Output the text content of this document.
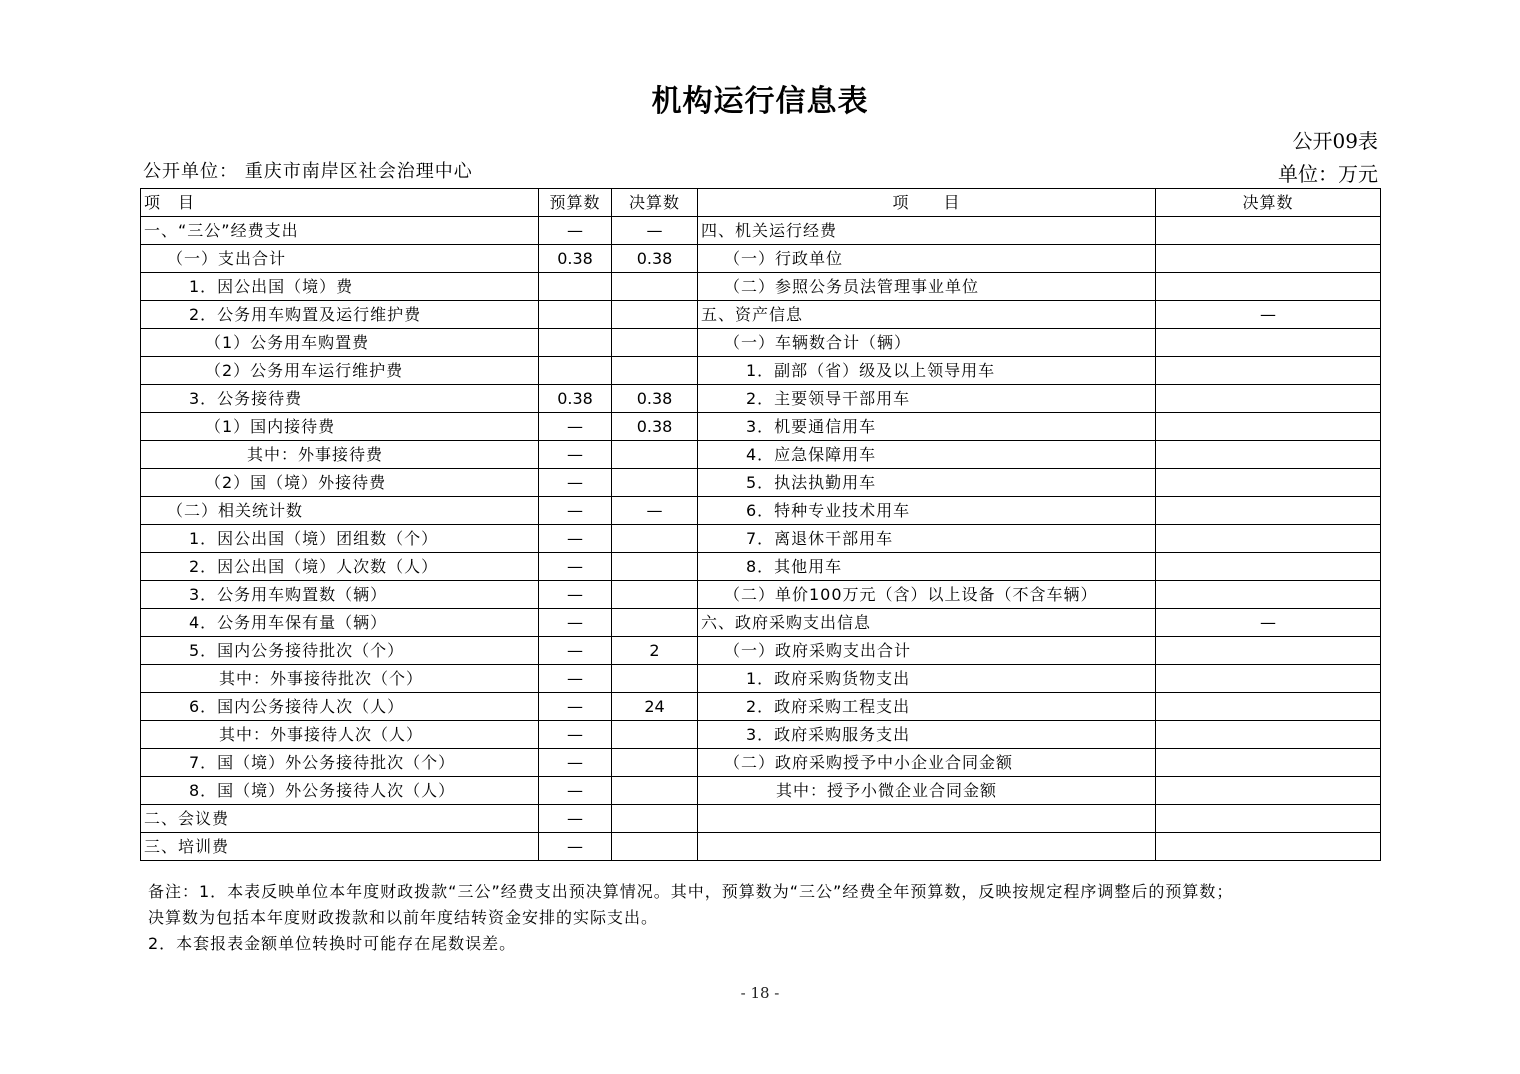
机构运行信息表
公开09表
公开单位： 重庆市南岸区社会治理中心	单位：万元
项　目	预算数	决算数	项　　目	决算数
一、“三公”经费支出	—	—	四、机关运行经费	
（一）支出合计	0.38	0.38	（一）行政单位	
1．因公出国（境）费			（二）参照公务员法管理事业单位	
2．公务用车购置及运行维护费			五、资产信息	—
（1）公务用车购置费			（一）车辆数合计（辆）	
（2）公务用车运行维护费			1．副部（省）级及以上领导用车	
3．公务接待费	0.38	0.38	2．主要领导干部用车	
（1）国内接待费	—	0.38	3．机要通信用车	
其中：外事接待费	—		4．应急保障用车	
（2）国（境）外接待费	—		5．执法执勤用车	
（二）相关统计数	—	—	6．特种专业技术用车	
1．因公出国（境）团组数（个）	—		7．离退休干部用车	
2．因公出国（境）人次数（人）	—		8．其他用车	
3．公务用车购置数（辆）	—		（二）单价100万元（含）以上设备（不含车辆）	
4．公务用车保有量（辆）	—		六、政府采购支出信息	—
5．国内公务接待批次（个）	—	2	（一）政府采购支出合计	
其中：外事接待批次（个）	—		1．政府采购货物支出	
6．国内公务接待人次（人）	—	24	2．政府采购工程支出	
其中：外事接待人次（人）	—		3．政府采购服务支出	
7．国（境）外公务接待批次（个）	—		（二）政府采购授予中小企业合同金额	
8．国（境）外公务接待人次（人）	—		其中：授予小微企业合同金额	
二、会议费	—			
三、培训费	—			
备注：1．本表反映单位本年度财政拨款“三公”经费支出预决算情况。其中，预算数为“三公”经费全年预算数，反映按规定程序调整后的预算数；
决算数为包括本年度财政拨款和以前年度结转资金安排的实际支出。
2．本套报表金额单位转换时可能存在尾数误差。
- 18 -
